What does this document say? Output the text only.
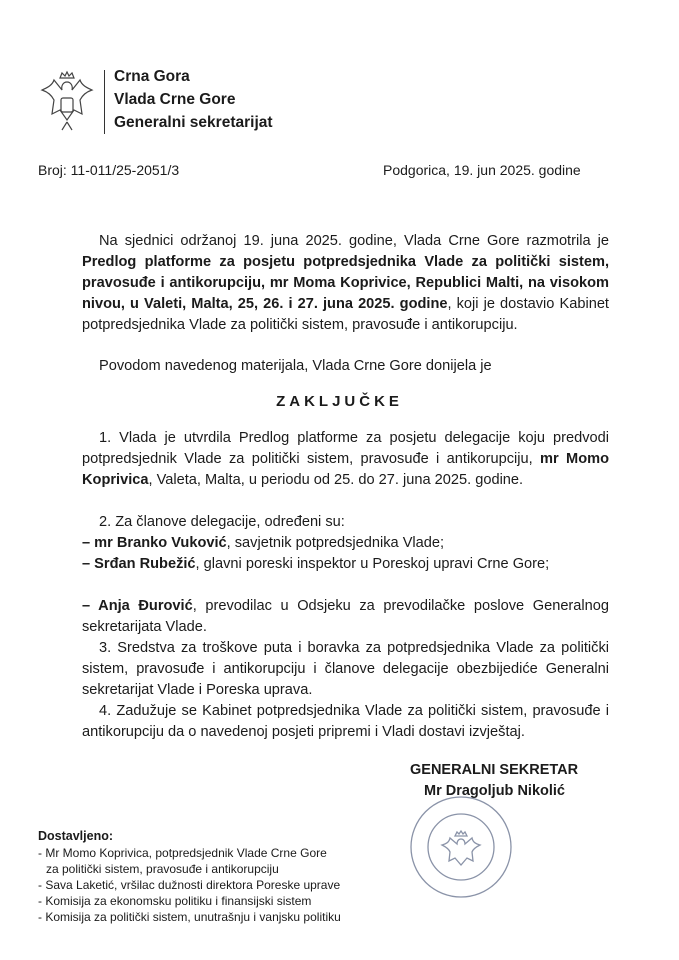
Crna Gora
Vlada Crne Gore
Generalni sekretarijat
Broj: 11-011/25-2051/3	Podgorica, 19. jun 2025. godine
Na sjednici održanoj 19. juna 2025. godine, Vlada Crne Gore razmotrila je Predlog platforme za posjetu potpredsjednika Vlade za politički sistem, pravosuđe i antikorupciju, mr Moma Koprivice, Republici Malti, na visokom nivou, u Valeti, Malta, 25, 26. i 27. juna 2025. godine, koji je dostavio Kabinet potpredsjednika Vlade za politički sistem, pravosuđe i antikorupciju.
Povodom navedenog materijala, Vlada Crne Gore donijela je
ZAKLJUČKE
1. Vlada je utvrdila Predlog platforme za posjetu delegacije koju predvodi potpredsjednik Vlade za politički sistem, pravosuđe i antikorupciju, mr Momo Koprivica, Valeta, Malta, u periodu od 25. do 27. juna 2025. godine.
2. Za članove delegacije, određeni su:
– mr Branko Vuković, savjetnik potpredsjednika Vlade;
– Srđan Rubežić, glavni poreski inspektor u Poreskoj upravi Crne Gore;
– Anja Đurović, prevodilac u Odsjeku za prevodilačke poslove Generalnog sekretarijata Vlade.
3. Sredstva za troškove puta i boravka za potpredsjednika Vlade za politički sistem, pravosuđe i antikorupciju i članove delegacije obezbijediće Generalni sekretarijat Vlade i Poreska uprava.
4. Zadužuje se Kabinet potpredsjednika Vlade za politički sistem, pravosuđe i antikorupciju da o navedenoj posjeti pripremi i Vladi dostavi izvještaj.
GENERALNI SEKRETAR
Mr Dragoljub Nikolić
Dostavljeno:
- Mr Momo Koprivica, potpredsjednik Vlade Crne Gore
za politički sistem, pravosuđe i antikorupciju
- Sava Laketić, vršilac dužnosti direktora Poreske uprave
- Komisija za ekonomsku politiku i finansijski sistem
- Komisija za politički sistem, unutrašnju i vanjsku politiku
